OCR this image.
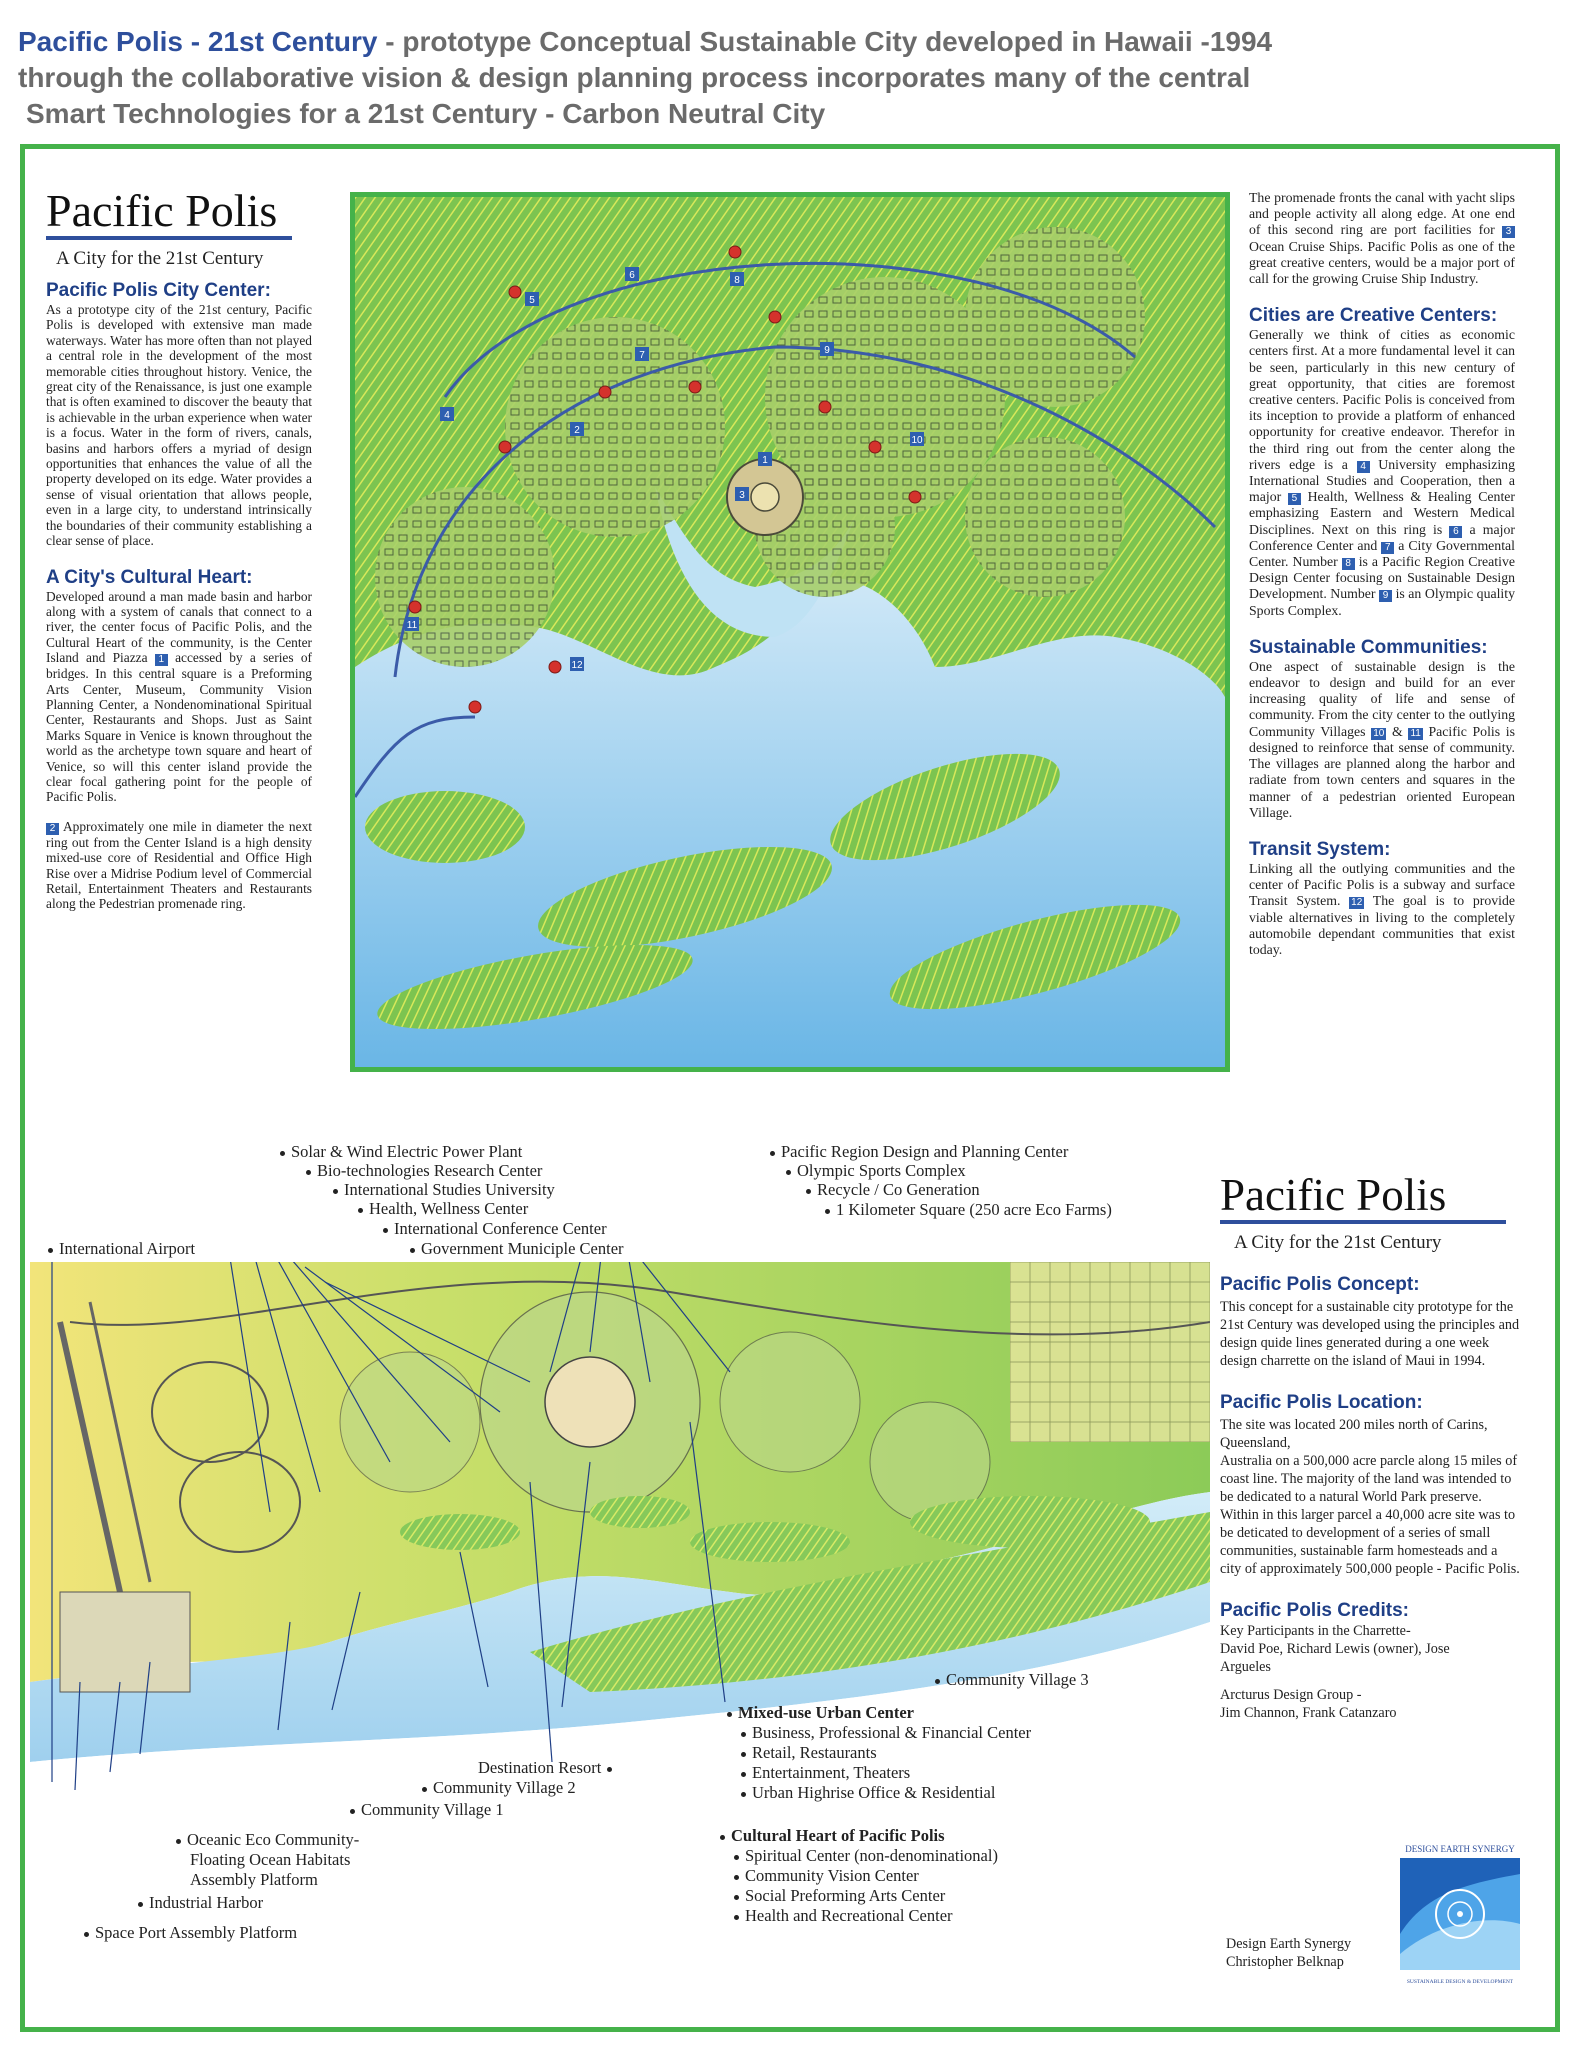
Pacific Polis - 21st Century - prototype Conceptual Sustainable City developed in Hawaii -1994
through the collaborative vision & design planning process incorporates many of the central
Smart Technologies for a 21st Century - Carbon Neutral City
Pacific Polis
A City for the 21st Century
Pacific Polis City Center:

As a prototype city of the 21st century, Pacific Polis is developed with extensive man made waterways. Water has more often than not played a central role in the development of the most memorable cities throughout history. Venice, the great city of the Renaissance, is just one example that is often examined to discover the beauty that is achievable in the urban experience when water is a focus. Water in the form of rivers, canals, basins and harbors offers a myriad of design opportunities that enhances the value of all the property developed on its edge. Water provides a sense of visual orientation that allows people, even in a large city, to understand intrinsically the boundaries of their community establishing a clear sense of place.

A City's Cultural Heart:

Developed around a man made basin and harbor along with a system of canals that connect to a river, the center focus of Pacific Polis, and the Cultural Heart of the community, is the Center Island and Piazza 1 accessed by a series of bridges. In this central square is a Preforming Arts Center, Museum, Community Vision Planning Center, a Nondenominational Spiritual Center, Restaurants and Shops. Just as Saint Marks Square in Venice is known throughout the world as the archetype town square and heart of Venice, so will this center island provide the clear focal gathering point for the people of Pacific Polis.

2 Approximately one mile in diameter the next ring out from the Center Island is a high density mixed-use core of Residential and Office High Rise over a Midrise Podium level of Commercial Retail, Entertainment Theaters and Restaurants along the Pedestrian promenade ring.

1
2
3
4
5
6
7
8
9
10
11
12

The promenade fronts the canal with yacht slips and people activity all along edge. At one end of this second ring are port facilities for 3 Ocean Cruise Ships. Pacific Polis as one of the great creative centers, would be a major port of call for the growing Cruise Ship Industry.

Cities are Creative Centers:

Generally we think of cities as economic centers first. At a more fundamental level it can be seen, particularly in this new century of great opportunity, that cities are foremost creative centers. Pacific Polis is conceived from its inception to provide a platform of enhanced opportunity for creative endeavor. Therefor in the third ring out from the center along the rivers edge is a 4 University emphasizing International Studies and Cooperation, then a major 5 Health, Wellness & Healing Center emphasizing Eastern and Western Medical Disciplines. Next on this ring is 6 a major Conference Center and 7 a City Governmental Center. Number 8 is a Pacific Region Creative Design Center focusing on Sustainable Design Development. Number 9 is an Olympic quality Sports Complex.

Sustainable Communities:

One aspect of sustainable design is the endeavor to design and build for an ever increasing quality of life and sense of community. From the city center to the outlying Community Villages 10 & 11 Pacific Polis is designed to reinforce that sense of community. The villages are planned along the harbor and radiate from town centers and squares in the manner of a pedestrian oriented European Village.

Transit System:

Linking all the outlying communities and the center of Pacific Polis is a subway and surface Transit System. 12 The goal is to provide viable alternatives in living to the completely automobile dependant communities that exist today.

International Airport
Solar & Wind Electric Power Plant
Bio-technologies Research Center
International Studies University
Health, Wellness Center
International Conference Center
Government Municiple Center
Pacific Region Design and Planning Center
Olympic Sports Complex
Recycle / Co Generation
1 Kilometer Square (250 acre Eco Farms)
Community Village 3
Mixed-use Urban Center
Business, Professional & Financial Center
Retail, Restaurants
Entertainment, Theaters
Urban Highrise Office & Residential
Destination Resort
Community Village 2
Community Village 1
Oceanic Eco Community-
Floating Ocean Habitats
Assembly Platform
Industrial Harbor
Space Port Assembly Platform
Cultural Heart of Pacific Polis
Spiritual Center (non-denominational)
Community Vision Center
Social Preforming Arts Center
Health and Recreational Center
Pacific Polis
A City for the 21st Century
Pacific Polis Concept:

This concept for a sustainable city prototype for the 21st Century was developed using the principles and design quide lines generated during a one week design charrette on the island of Maui in 1994.

Pacific Polis Location:

The site was located 200 miles north of Carins, Queensland,

Australia on a 500,000 acre parcle along 15 miles of coast line. The majority of the land was intended to be dedicated to a natural World Park preserve. Within in this larger parcel a 40,000 acre site was to be deticated to development of a series of small communities, sustainable farm homesteads and a city of approximately 500,000 people - Pacific Polis.

Pacific Polis Credits:
Key Participants in the Charrette-
David Poe, Richard Lewis (owner), Jose
Argueles
Arcturus Design Group -
Jim Channon, Frank Catanzaro
DESIGN EARTH SYNERGY
SUSTAINABLE DESIGN & DEVELOPMENT
Design Earth Synergy
Christopher Belknap
